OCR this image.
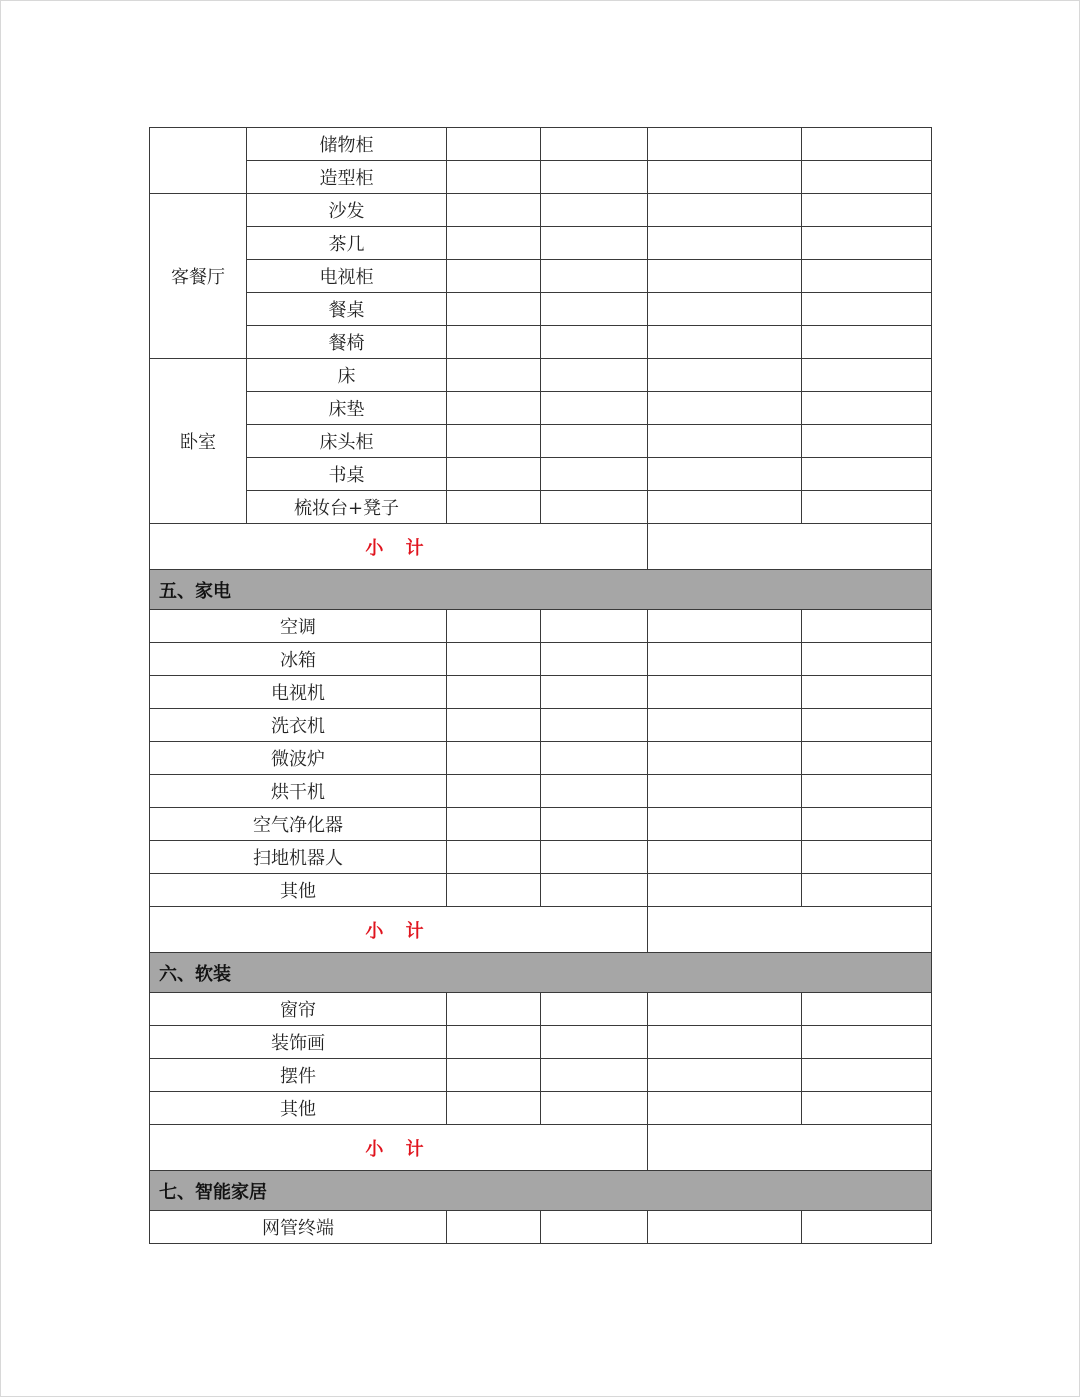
	储物柜				
	造型柜				
客餐厅	沙发				
	茶几				
	电视柜				
	餐桌				
	餐椅				
卧室	床				
	床垫				
	床头柜				
	书桌				
	梳妆台+凳子				
小 计					
五、家电					
空调					
冰箱					
电视机					
洗衣机					
微波炉					
烘干机					
空气净化器					
扫地机器人					
其他					
小 计					
六、软装					
窗帘					
装饰画					
摆件					
其他					
小 计					
七、智能家居					
网管终端					
